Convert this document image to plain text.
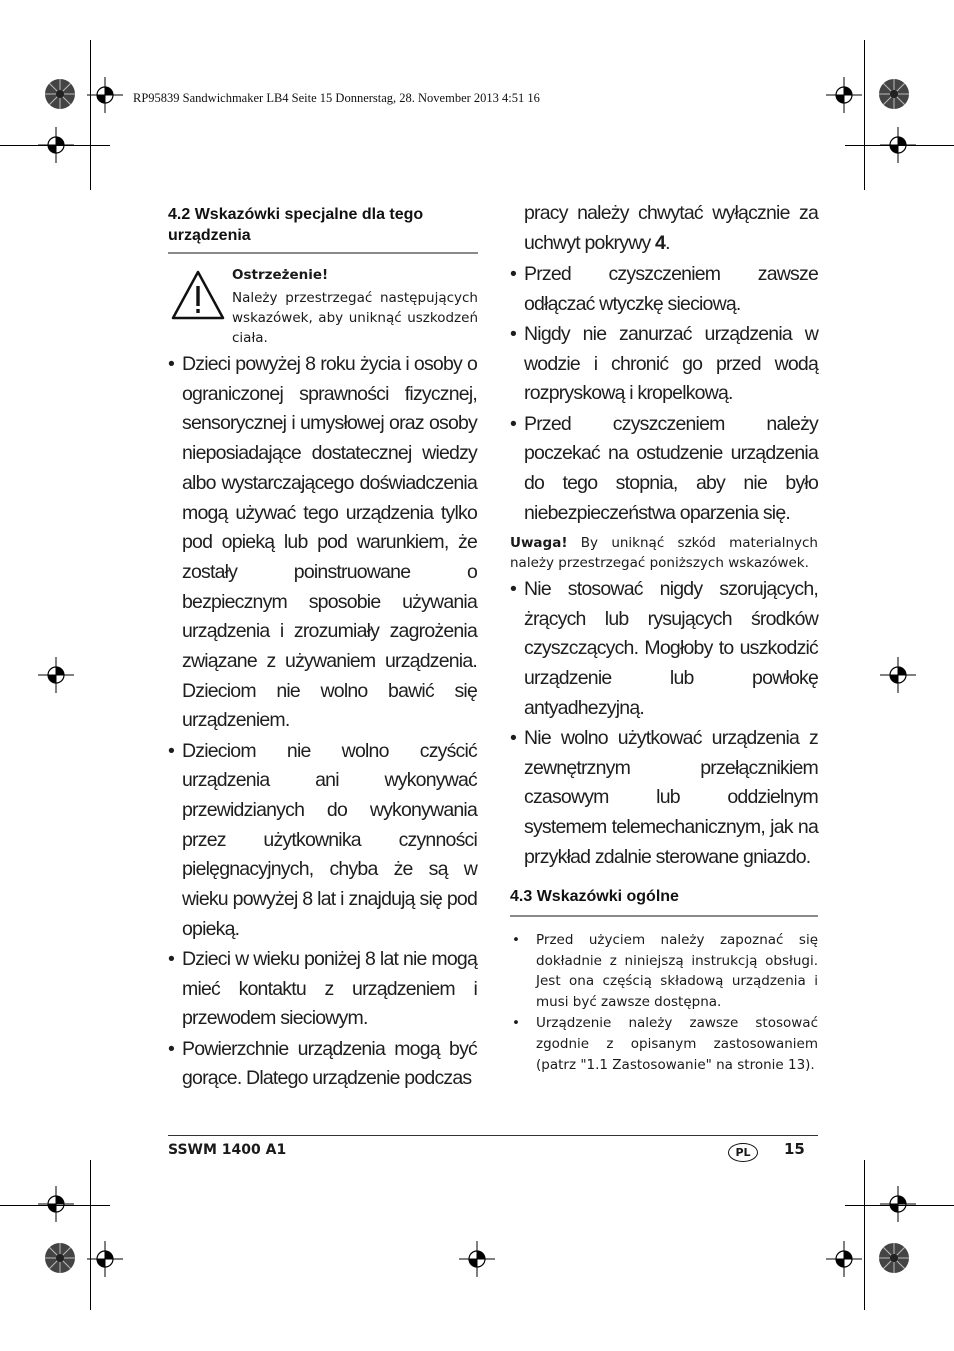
RP95839 Sandwichmaker LB4 Seite 15 Donnerstag, 28. November 2013 4:51 16
4.2 Wskazówki specjalne dla tego
urządzenia
Ostrzeżenie!
Należy przestrzegać następujących wskazówek, aby uniknąć uszkodzeń ciała.
• Dzieci powyżej 8 roku życia i osoby o ograniczonej sprawności fizycznej, sensorycznej i umysłowej oraz osoby nieposiadające dostatecznej wiedzy albo wystarczającego doświadczenia mogą używać tego urządzenia tylko pod opieką lub pod warunkiem, że zostały poinstruowane o bezpiecznym sposobie używania urządzenia i zrozumiały zagrożenia związane z używaniem urządzenia. Dzieciom nie wolno bawić się urządzeniem.
• Dzieciom nie wolno czyścić urządzenia ani wykonywać przewidzianych do wykonywania przez użytkownika czynności pielęgnacyjnych, chyba że są w wieku powyżej 8 lat i znajdują się pod opieką.
• Dzieci w wieku poniżej 8 lat nie mogą mieć kontaktu z urządzeniem i przewodem sieciowym.
• Powierzchnie urządzenia mogą być gorące. Dlatego urządzenie podczas
pracy należy chwytać wyłącznie za uchwyt pokrywy 4.
• Przed czyszczeniem zawsze odłączać wtyczkę sieciową.
• Nigdy nie zanurzać urządzenia w wodzie i chronić go przed wodą rozpryskową i kropelkową.
• Przed czyszczeniem należy poczekać na ostudzenie urządzenia do tego stopnia, aby nie było niebezpieczeństwa oparzenia się.
Uwaga! By uniknąć szkód materialnych należy przestrzegać poniższych wskazówek.
• Nie stosować nigdy szorujących, żrących lub rysujących środków czyszczących. Mogłoby to uszkodzić urządzenie lub powłokę antyadhezyjną.
• Nie wolno użytkować urządzenia z zewnętrznym przełącznikiem czasowym lub oddzielnym systemem telemechanicznym, jak na przykład zdalnie sterowane gniazdo.
4.3 Wskazówki ogólne
• Przed użyciem należy zapoznać się dokładnie z niniejszą instrukcją obsługi. Jest ona częścią składową urządzenia i musi być zawsze dostępna.
• Urządzenie należy zawsze stosować zgodnie z opisanym zastosowaniem (patrz "1.1 Zastosowanie" na stronie 13).
SSWM 1400 A1	PL	15
